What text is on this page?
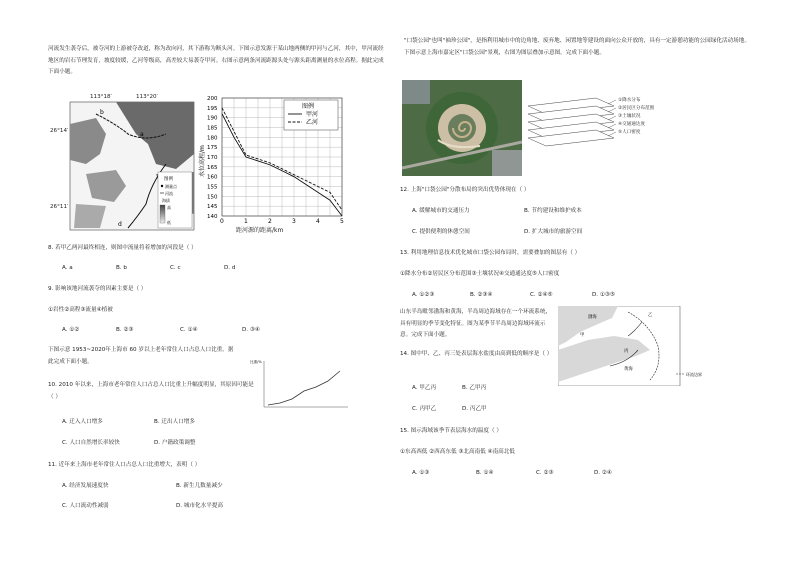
河流发生袭夺后，被夺河的上游被夺改道，称为改向河，其下游称为断头河。下图示意发源于某山地两侧的甲河与乙河，其中，甲河流经地区的岩石节理发育，坡度较缓，乙河等级高，高差较大易袭夺甲河。右图示意两条河流距源头处与源头距离测量的水位高程。据此完成下面小题。
a
b
d
图例
测量点
河流
海拔
高
低
113°18′	113°20′
26°14′
26°11′
0	1	2	3	4	5
140
145
150
155
160
165
170
175
180
185
190
195
200
水位高程/m
图例
甲河
乙河
距河源的距离/km
8. 若甲乙两河最终相连，则图中流量将着增加的河段是（ ）
A. a	B. b	C. c	D. d
9. 影响该地河流袭夺的因素主要是（ ）
①岩性②高程③流量④植被
A. ①②	B. ②③	C. ①④	D. ③④
下图示意 1953~2020年上海市 60 岁以上老年常住人口占总人口比重。据此完成下面小题。	比重/%
10. 2010 年以来，上海市老年常住人口占总人口比重上升幅度明显，其原因可能是（ ）
A. 迁入人口增多	B. 迁出人口增多
C. 人口自然增长率较快	D. 户籍政策调整
11. 近年来上海市老年常住人口占总人口比重增大，表明（ ）
A. 经济发展速度快	B. 新生儿数量减少
C. 人口流动性减弱	D. 城市化水平提高
"口袋公园"也叫"袖珍公园"，是指利用城市中的边角地、废弃地、闲置地等建设的面向公众开放的，具有一定游憩功能的公园绿化活动场地。下图示意上海市嘉定区"口袋公园"景观，右图为图层叠加示意图。完成下面小题。
①降水分布
②居民区分布范围
③土壤状况
④交通通达度
⑤人口密度
12. 上海"口袋公园"分散布局的突出优势体现在（ ）
A. 缓解城市的交通压力	B. 节约建设和维护成本
C. 提供便利的休憩空间	D. 扩大城市的旅游空间
13. 利用地理信息技术优化城市口袋公园布局时，需要叠加的图层有（ ）
①降水分布②居民区分布范围③土壤状况④交通通达度⑤人口密度
A. ①②③	B. ②③④	C. ②④⑤	D. ①③⑤
山东半岛毗邻渤海和黄海，半岛周边海域存在一个环流系统，具有明显的季节变化特征。图为某季节半岛周边海域环流示意。完成下面小题。
渤海
甲
乙
丙
黄海
环流边界
14. 图中甲、乙、丙三处表层海水盐度由高到低的顺序是（ ）
A. 甲乙丙	B. 乙甲丙
C. 丙甲乙	D. 丙乙甲
15. 图示海域该季节表层海水的温度（ ）
①东高西低 ②西高东低 ③北高南低 ④南高北低
A. ①③	B. ①④	C. ②③	D. ②④
